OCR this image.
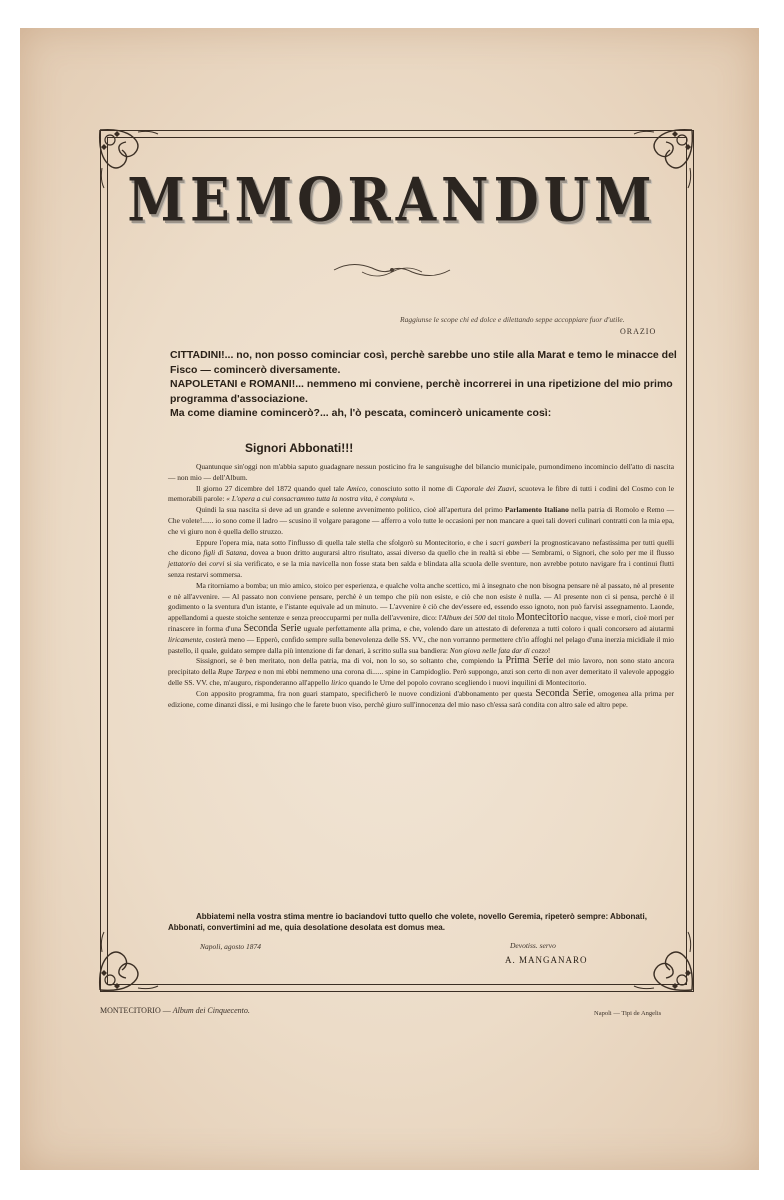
MEMORANDUM
Raggiunse le scope chi ed dolce e dilettando seppe accoppiare fuor d'utile.
ORAZIO
CITTADINI!... no, non posso cominciar così, perchè sarebbe uno stile alla Marat e temo le minacce del Fisco — comincerò diversamente.
NAPOLETANI e ROMANI!... nemmeno mi conviene, perchè incorrerei in una ripetizione del mio primo programma d'associazione.
Ma come diamine comincerò?... ah, l'ò pescata, comincerò unicamente così:
Signori Abbonati!!!

Quantunque sin'oggi non m'abbia saputo guadagnare nessun posticino fra le sanguisughe del bilancio municipale, purnondimeno incomincio dell'atto di nascita — non mio — dell'Album.

Il giorno 27 dicembre del 1872 quando quel tale Amico, conosciuto sotto il nome di Caporale dei Zuavi, scuoteva le fibre di tutti i codini del Cosmo con le memorabili parole: « L'opera a cui consacrammo tutta la nostra vita, è compiuta ».

Quindi la sua nascita si deve ad un grande e solenne avvenimento politico, cioè all'apertura del primo Parlamento Italiano nella patria di Romolo e Remo — Che volete!...... io sono come il ladro — scusino il volgare paragone — afferro a volo tutte le occasioni per non mancare a quei tali doveri culinari contratti con la mia epa, che vi giuro non è quella dello struzzo.

Eppure l'opera mia, nata sotto l'influsso di quella tale stella che sfolgorò su Montecitorio, e che i sacri gamberi la prognosticavano nefastissima per tutti quelli che dicono figli di Satana, dovea a buon dritto augurarsi altro risultato, assai diverso da quello che in realtà si ebbe — Sembrami, o Signori, che solo per me il flusso jettatorio dei corvi si sia verificato, e se la mia navicella non fosse stata ben salda e blindata alla scuola delle sventure, non avrebbe potuto navigare fra i continui flutti senza restarvi sommersa.

Ma ritorniamo a bomba; un mio amico, stoico per esperienza, e qualche volta anche scettico, mi à insegnato che non bisogna pensare nè al passato, nè al presente e nè all'avvenire. — Al passato non conviene pensare, perchè è un tempo che più non esiste, e ciò che non esiste è nulla. — Al presente non ci si pensa, perchè è il godimento o la sventura d'un istante, e l'istante equivale ad un minuto. — L'avvenire è ciò che dev'essere ed, essendo esso ignoto, non può farvisi assegnamento. Laonde, appellandomi a queste stoiche sentenze e senza preoccuparmi per nulla dell'avvenire, dico: l'Album dei 500 del titolo Montecitorio nacque, visse e morì, cioè morì per rinascere in forma d'una Seconda Serie uguale perfettamente alla prima, e che, volendo dare un attestato di deferenza a tutti coloro i quali concorsero ad aiutarmi liricamente, costerà meno — Epperò, confido sempre sulla benevolenza delle SS. VV., che non vorranno permettere ch'io affoghi nel pelago d'una inerzia micidiale il mio pastello, il quale, guidato sempre dalla più intenzione di far denari, à scritto sulla sua bandiera: Non giova nelle fata dar di cozzo!

Sissignori, se è ben meritato, non della patria, ma di voi, non lo so, so soltanto che, compiendo la Prima Serie del mio lavoro, non sono stato ancora precipitato della Rupe Tarpea e non mi ebbi nemmeno una corona di...... spine in Campidoglio. Però suppongo, anzi son certo di non aver demeritato il valevole appoggio delle SS. VV. che, m'auguro, risponderanno all'appello lirico quando le Urne del popolo covrano scegliendo i nuovi inquilini di Montecitorio.

Con apposito programma, fra non guari stampato, specificherò le nuove condizioni d'abbonamento per questa Seconda Serie, omogenea alla prima per edizione, come dinanzi dissi, e mi lusingo che le farete buon viso, perchè giuro sull'innocenza del mio naso ch'essa sarà condita con altro sale ed altro pepe.

Abbiatemi nella vostra stima mentre io baciandovi tutto quello che volete, novello Geremia, ripeterò sempre: Abbonati, Abbonati, convertimini ad me, quia desolatione desolata est domus mea.
Napoli, agosto 1874	Devotiss. servo
A. MANGANARO
MONTECITORIO — Album dei Cinquecento.	Napoli — Tipi de Angelis
